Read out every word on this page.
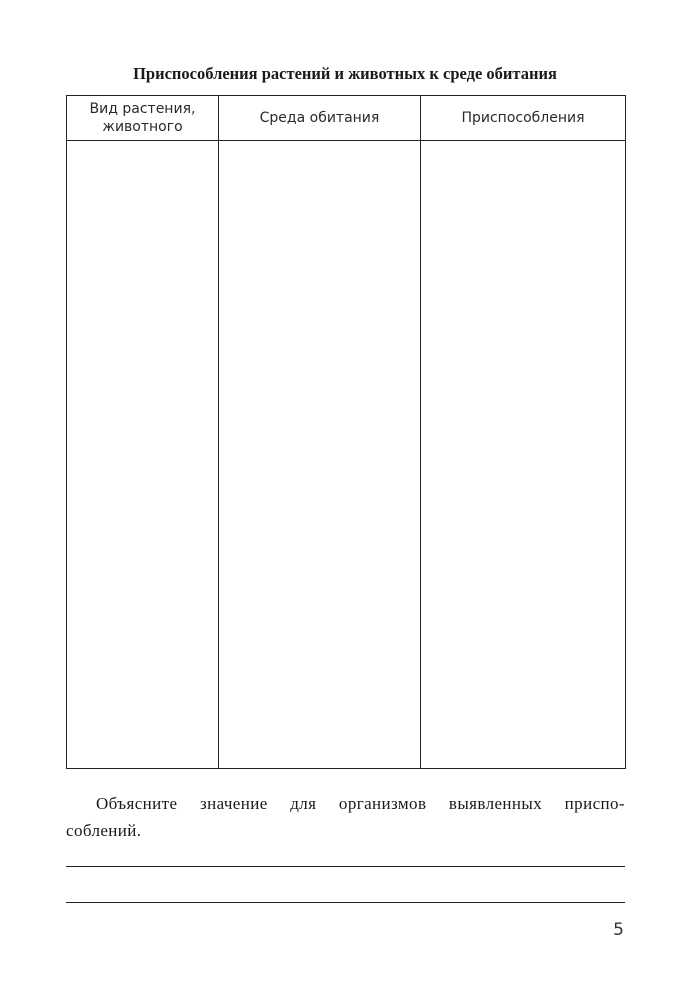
Приспособления растений и животных к среде обитания
Вид растения,
животного	Среда обитания	Приспособления

Объясните значение для организмов выявленных приспо-
соблений.

5
